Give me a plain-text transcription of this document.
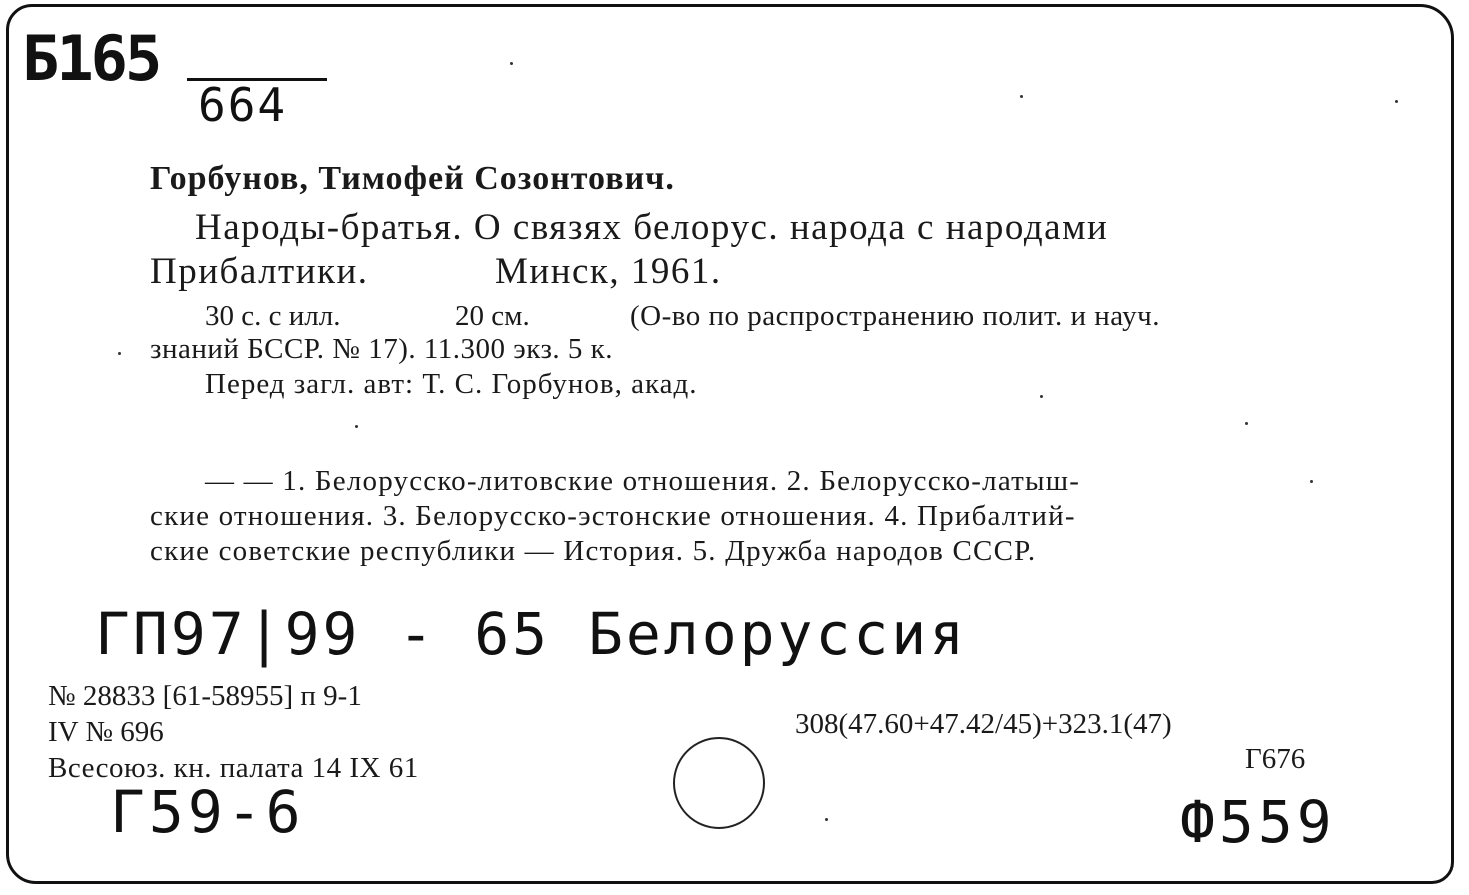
Б165
664
Горбунов, Тимофей Созонтович.
Народы-братья. О связях белорус. народа с народами
Прибалтики.	Минск, 1961.
30 с. с илл.	20 см.	(О-во по распространению полит. и науч.
знаний БССР. № 17). 11.300 экз. 5 к.
Перед загл. авт: Т. С. Горбунов, акад.
— — 1. Белорусско-литовские отношения. 2. Белорусско-латыш-
ские отношения. 3. Белорусско-эстонские отношения. 4. Прибалтий-
ские советские республики — История. 5. Дружба народов СССР.
ГП97|99 - 65 Белоруссия
№ 28833 [61-58955] п 9-1
IV № 696
Всесоюз. кн. палата 14 IX 61
308(47.60+47.42/45)+323.1(47)
Г676
Г59-6	Ф559
